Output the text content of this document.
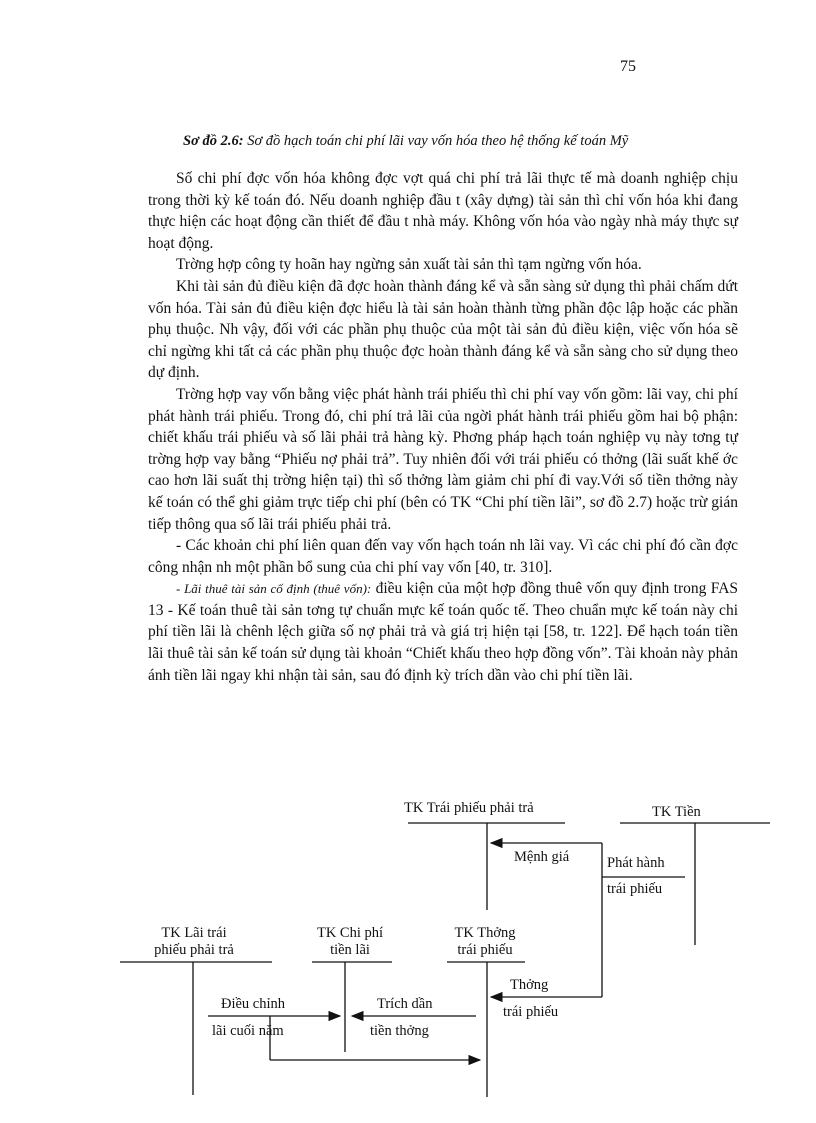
75
Sơ đồ 2.6: Sơ đồ hạch toán chi phí lãi vay vốn hóa theo hệ thống kế toán Mỹ

Số chi phí đợc vốn hóa không đợc vợt quá chi phí trả lãi thực tế mà doanh nghiệp chịu trong thời kỳ kế toán đó. Nếu doanh nghiệp đầu t (xây dựng) tài sản thì chỉ vốn hóa khi đang thực hiện các hoạt động cần thiết để đầu t nhà máy. Không vốn hóa vào ngày nhà máy thực sự hoạt động.

Trờng hợp công ty hoãn hay ngừng sản xuất tài sản thì tạm ngừng vốn hóa.

Khi tài sản đủ điều kiện đã đợc hoàn thành đáng kể và sẵn sàng sử dụng thì phải chấm dứt vốn hóa. Tài sản đủ điều kiện đợc hiểu là tài sản hoàn thành từng phần độc lập hoặc các phần phụ thuộc. Nh vậy, đối với các phần phụ thuộc của một tài sản đủ điều kiện, việc vốn hóa sẽ chỉ ngừng khi tất cả các phần phụ thuộc đợc hoàn thành đáng kể và sẵn sàng cho sử dụng theo dự định.

Trờng hợp vay vốn bằng việc phát hành trái phiếu thì chi phí vay vốn gồm: lãi vay, chi phí phát hành trái phiếu. Trong đó, chi phí trả lãi của ngời phát hành trái phiếu gồm hai bộ phận: chiết khấu trái phiếu và số lãi phải trả hàng kỳ. Phơng pháp hạch toán nghiệp vụ này tơng tự trờng hợp vay bằng “Phiếu nợ phải trả”. Tuy nhiên đối với trái phiếu có thởng (lãi suất khế ớc cao hơn lãi suất thị trờng hiện tại) thì số thởng làm giảm chi phí đi vay.Với số tiền thởng này kế toán có thể ghi giảm trực tiếp chi phí (bên có TK “Chi phí tiền lãi”, sơ đồ 2.7) hoặc trừ gián tiếp thông qua số lãi trái phiếu phải trả.

- Các khoản chi phí liên quan đến vay vốn hạch toán nh lãi vay. Vì các chi phí đó cần đợc công nhận nh một phần bổ sung của chi phí vay vốn [40, tr. 310].

- Lãi thuê tài sản cố định (thuê vốn): điều kiện của một hợp đồng thuê vốn quy định trong FAS 13 - Kế toán thuê tài sản tơng tự chuẩn mực kế toán quốc tế. Theo chuẩn mực kế toán này chi phí tiền lãi là chênh lệch giữa số nợ phải trả và giá trị hiện tại [58, tr. 122]. Để hạch toán tiền lãi thuê tài sản kế toán sử dụng tài khoản “Chiết khấu theo hợp đồng vốn”. Tài khoản này phản ánh tiền lãi ngay khi nhận tài sản, sau đó định kỳ trích dần vào chi phí tiền lãi.

TK Trái phiếu phải trả	TK Tiền
Mệnh giá	Phát hành
trái phiếu
TK Lãi trái
phiếu phải trả
TK Chi phí
tiền lãi
TK Thởng
trái phiếu
Thởng
trái phiếu
Điều chỉnh
lãi cuối năm
Trích dần
tiền thởng
